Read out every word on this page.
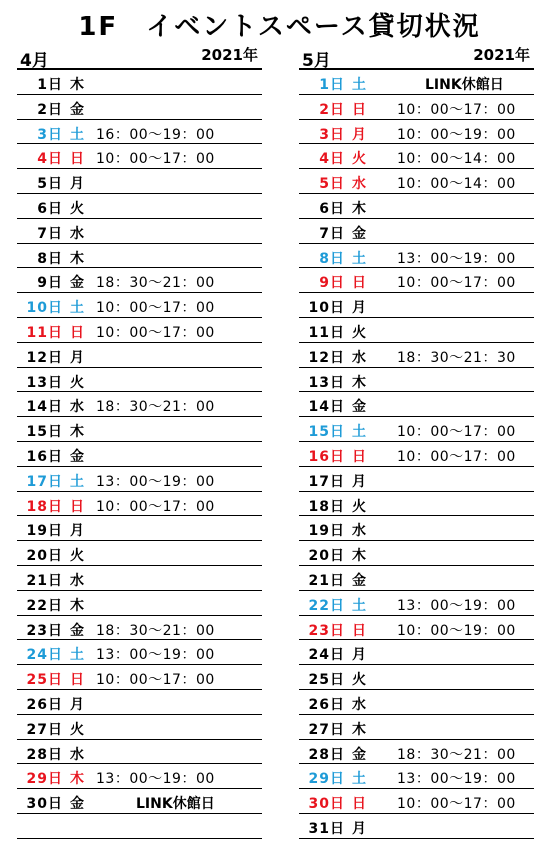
1F　イベントスペース貸切状況
4月	2021年
1日 木
2日 金
3日 土 16：00〜19：00
4日 日 10：00〜17：00
5日 月
6日 火
7日 水
8日 木
9日 金 18：30〜21：00
10日 土 10：00〜17：00
11日 日 10：00〜17：00
12日 月
13日 火
14日 水 18：30〜21：00
15日 木
16日 金
17日 土 13：00〜19：00
18日 日 10：00〜17：00
19日 月
20日 火
21日 水
22日 木
23日 金 18：30〜21：00
24日 土 13：00〜19：00
25日 日 10：00〜17：00
26日 月
27日 火
28日 水
29日 木 13：00〜19：00
30日 金	LINK休館日
5月	2021年
1日 土	LINK休館日
2日 日 10：00〜17：00
3日 月 10：00〜19：00
4日 火 10：00〜14：00
5日 水 10：00〜14：00
6日 木
7日 金
8日 土 13：00〜19：00
9日 日 10：00〜17：00
10日 月
11日 火
12日 水 18：30〜21：30
13日 木
14日 金
15日 土 10：00〜17：00
16日 日 10：00〜17：00
17日 月
18日 火
19日 水
20日 木
21日 金
22日 土 13：00〜19：00
23日 日 10：00〜19：00
24日 月
25日 火
26日 水
27日 木
28日 金 18：30〜21：00
29日 土 13：00〜19：00
30日 日 10：00〜17：00
31日 月
